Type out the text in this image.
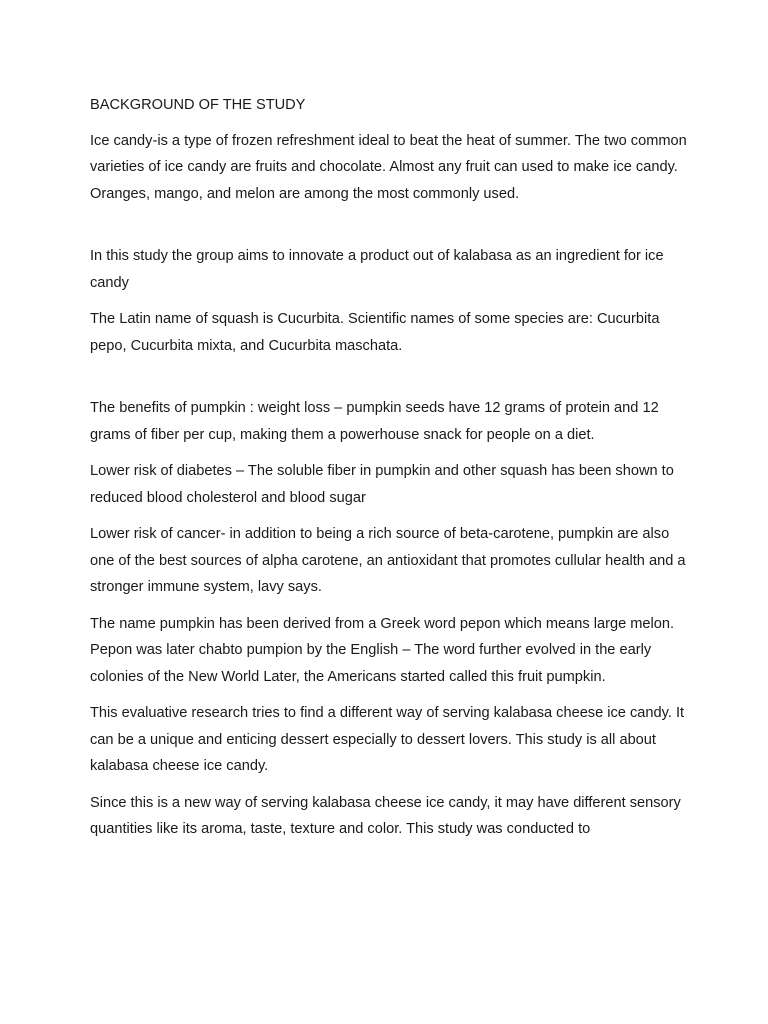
BACKGROUND OF THE STUDY

Ice candy-is a type of frozen refreshment ideal to beat the heat of summer. The two common varieties of ice candy are fruits and chocolate. Almost any fruit can used to make ice candy. Oranges, mango, and melon are among the most commonly used.

In this study the group aims to innovate a product out of kalabasa as an ingredient for ice candy

The Latin name of squash is Cucurbita. Scientific names of some species are: Cucurbita pepo, Cucurbita mixta, and Cucurbita maschata.

The benefits of pumpkin : weight loss – pumpkin seeds have 12 grams of protein and 12 grams of fiber per cup, making them a powerhouse snack for people on a diet.

Lower risk of diabetes – The soluble fiber in pumpkin and other squash has been shown to reduced blood cholesterol and blood sugar

Lower risk of cancer- in addition to being a rich source of beta-carotene, pumpkin are also one of the best sources of alpha carotene, an antioxidant that promotes cullular health and a stronger immune system, lavy says.

The name pumpkin has been derived from a Greek word pepon which means large melon. Pepon was later chabto pumpion by the English – The word further evolved in the early colonies of the New World Later, the Americans started called this fruit pumpkin.

This evaluative research tries to find a different way of serving kalabasa cheese ice candy. It can be a unique and enticing dessert especially to dessert lovers. This study is all about kalabasa cheese ice candy.

Since this is a new way of serving kalabasa cheese ice candy, it may have different sensory quantities like its aroma, taste, texture and color. This study was conducted to
